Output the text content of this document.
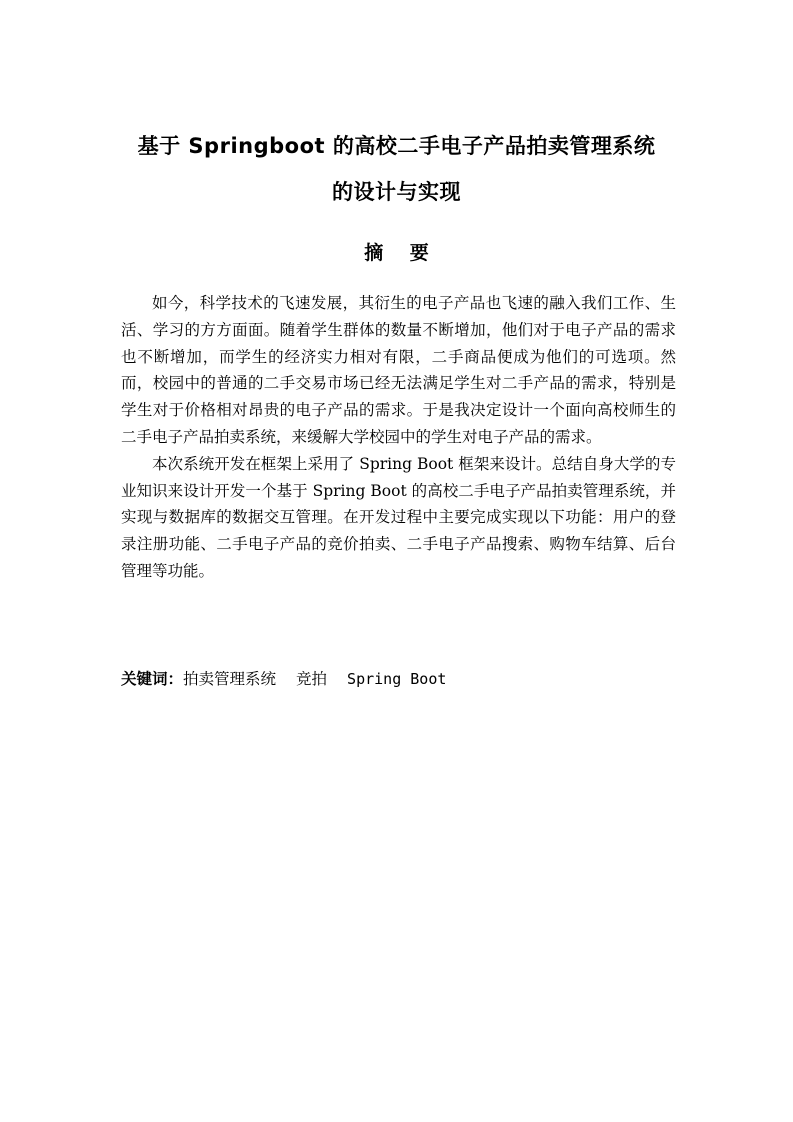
基于 Springboot 的高校二手电子产品拍卖管理系统
的设计与实现
摘 要

如今，科学技术的飞速发展，其衍生的电子产品也飞速的融入我们工作、生活、学习的方方面面。随着学生群体的数量不断增加，他们对于电子产品的需求也不断增加，而学生的经济实力相对有限，二手商品便成为他们的可选项。然而，校园中的普通的二手交易市场已经无法满足学生对二手产品的需求，特别是学生对于价格相对昂贵的电子产品的需求。于是我决定设计一个面向高校师生的二手电子产品拍卖系统，来缓解大学校园中的学生对电子产品的需求。

本次系统开发在框架上采用了 Spring Boot 框架来设计。总结自身大学的专业知识来设计开发一个基于 Spring Boot 的高校二手电子产品拍卖管理系统，并实现与数据库的数据交互管理。在开发过程中主要完成实现以下功能：用户的登录注册功能、二手电子产品的竞价拍卖、二手电子产品搜索、购物车结算、后台管理等功能。

关键词：拍卖管理系统 竞拍 Spring Boot
